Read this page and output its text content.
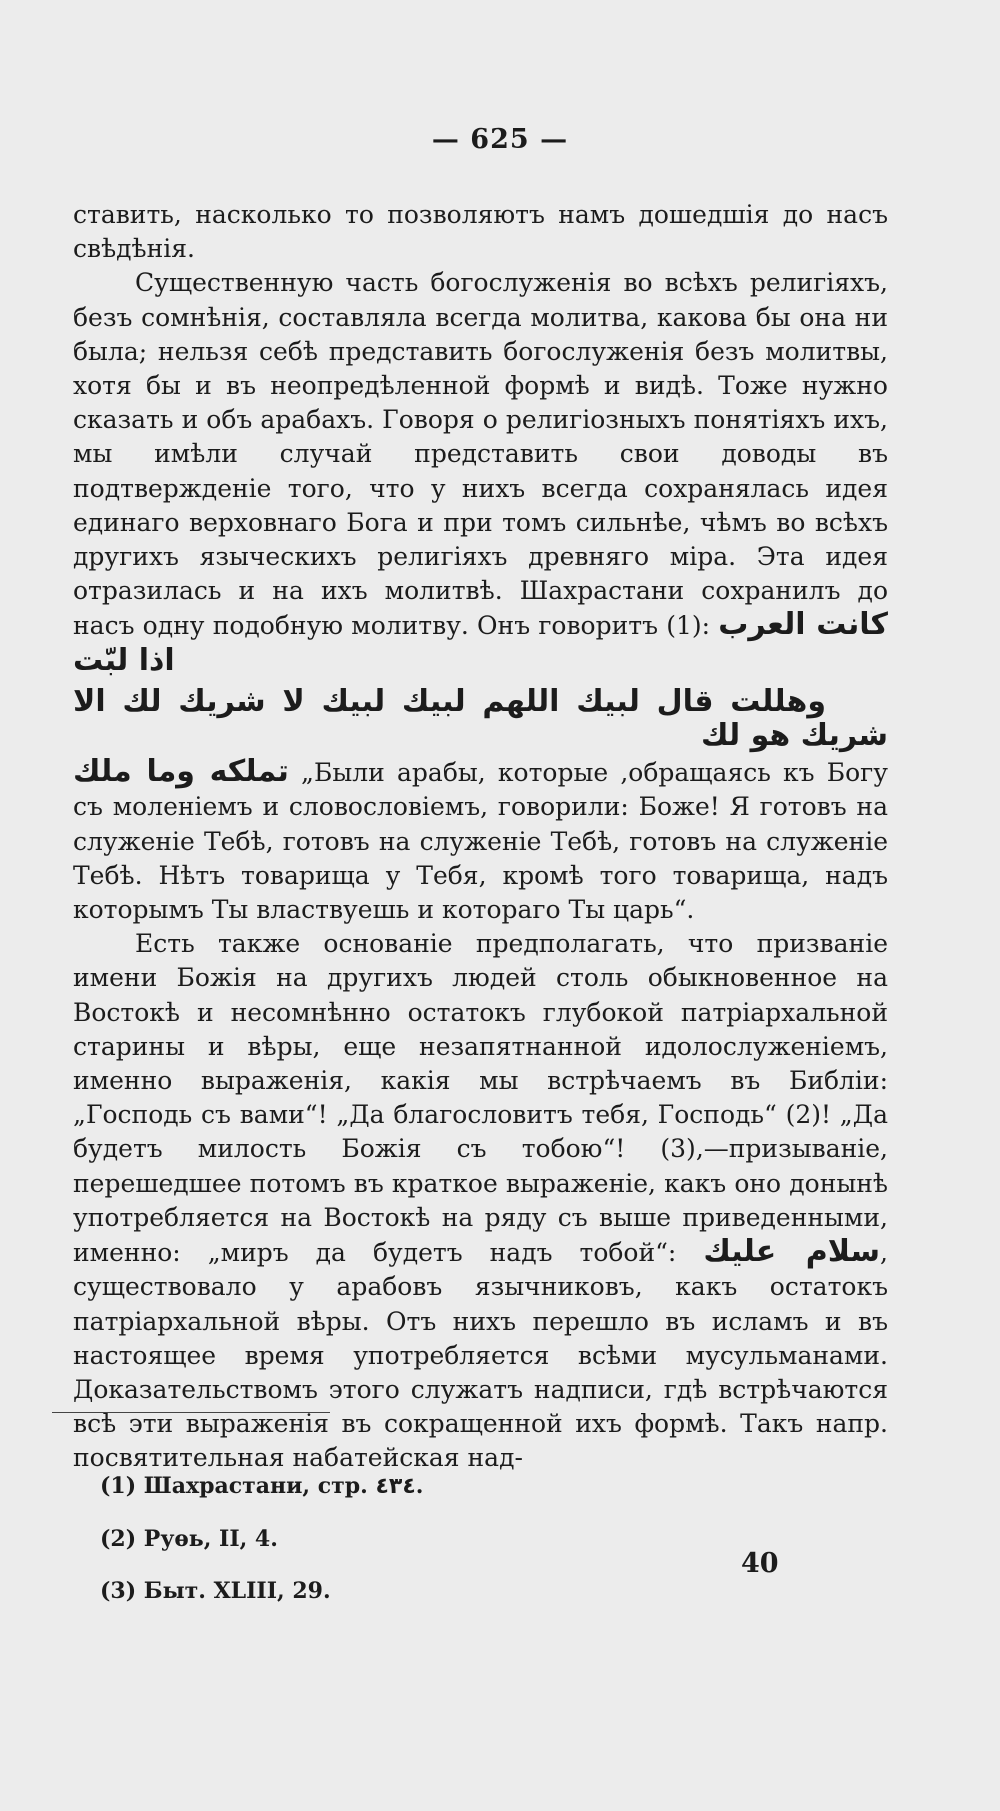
— 625 —

ставить, насколько то позволяютъ намъ дошедшія до насъ свѣдѣнія.

Существенную часть богослуженія во всѣхъ религіяхъ, безъ сомнѣнія, составляла всегда молитва, какова бы она ни была; нельзя себѣ представить богослуженія безъ молитвы, хотя бы и въ неопредѣленной формѣ и видѣ. Тоже нужно сказать и объ арабахъ. Говоря о религіозныхъ понятіяхъ ихъ, мы имѣли случай представить свои доводы въ подтвержденіе того, что у нихъ всегда сохранялась идея единаго верховнаго Бога и при томъ сильнѣе, чѣмъ во всѣхъ другихъ языческихъ религіяхъ древняго міра. Эта идея отразилась и на ихъ молитвѣ. Шахрастани сохранилъ до насъ одну подобную молитву. Онъ говоритъ (1): كانت العرب اذا لبّت
وهللت قال لبيك اللهم لبيك لبيك لا شريك لك الا شريك هو لك
تملكه وما ملك „Были арабы, которые ,обращаясь къ Богу съ моленіемъ и словословіемъ, говорили: Боже! Я готовъ на служеніе Тебѣ, готовъ на служеніе Тебѣ, готовъ на служеніе Тебѣ. Нѣтъ товарища у Тебя, кромѣ того товарища, надъ которымъ Ты властвуешь и котораго Ты царь“.

Есть также основаніе предполагать, что призваніе имени Божія на другихъ людей столь обыкновенное на Востокѣ и несомнѣнно остатокъ глубокой патріархальной старины и вѣры, еще незапятнанной идолослуженіемъ, именно выраженія, какія мы встрѣчаемъ въ Библіи: „Господь съ вами“! „Да благословитъ тебя, Господь“ (2)! „Да будетъ милость Божія съ тобою“! (3),—призываніе, перешедшее потомъ въ краткое выраженіе, какъ оно донынѣ употребляется на Востокѣ на ряду съ выше приведенными, именно: „миръ да будетъ надъ тобой“: سلام عليك, существовало у арабовъ язычниковъ, какъ остатокъ патріархальной вѣры. Отъ нихъ перешло въ исламъ и въ настоящее время употребляется всѣми мусульманами. Доказательствомъ этого служатъ надписи, гдѣ встрѣчаются всѣ эти выраженія въ сокращенной ихъ формѣ. Такъ напр. посвятительная набатейская над-

(1) Шахрастани, стр. ٤٣٤.
(2) Руѳь, II, 4.
(3) Быт. XLIII, 29.
40
